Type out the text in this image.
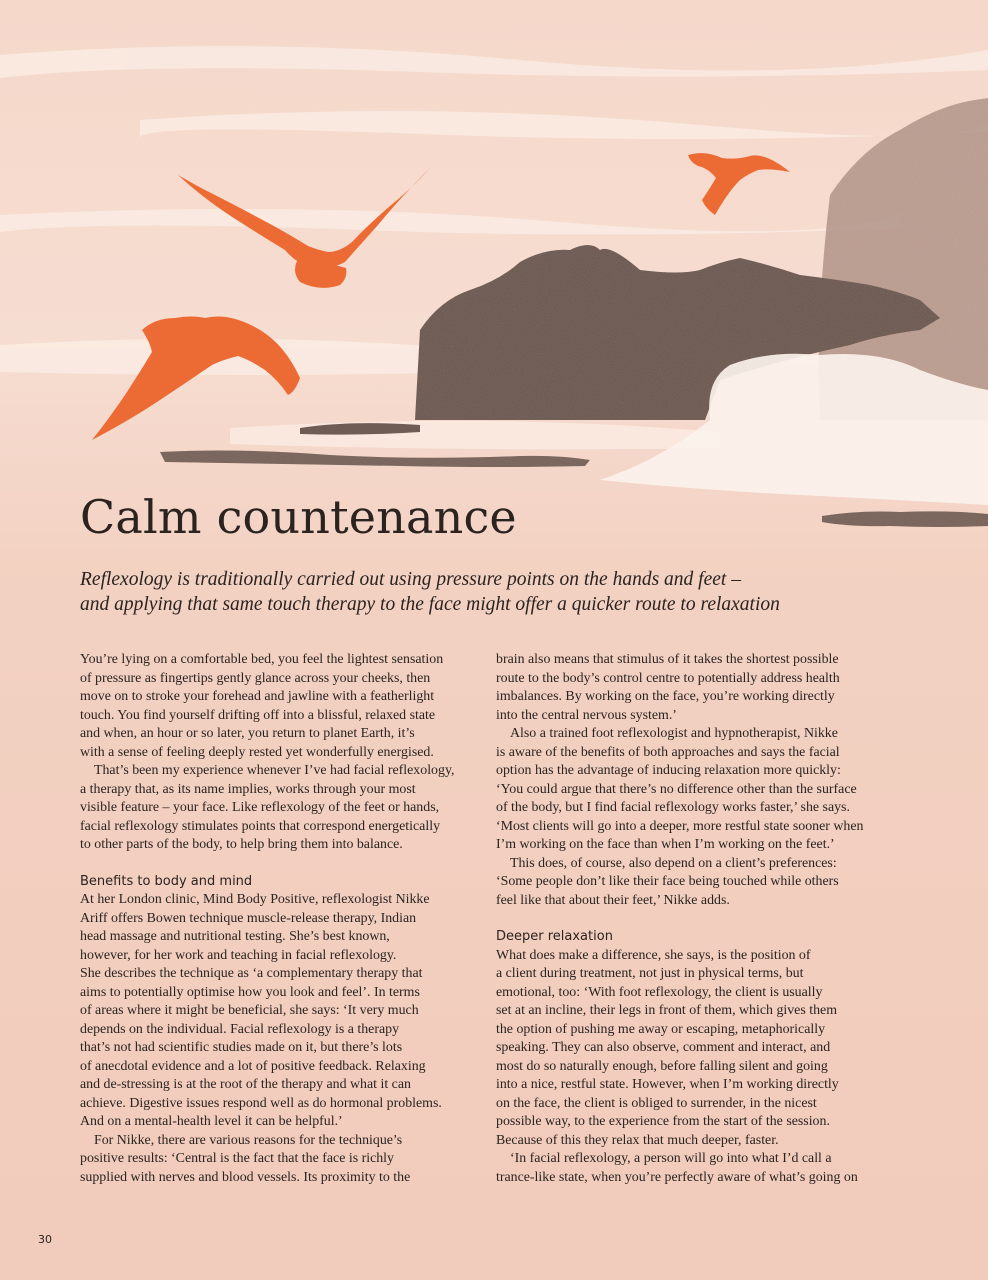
Calm countenance
Reflexology is traditionally carried out using pressure points on the hands and feet –
and applying that same touch therapy to the face might offer a quicker route to relaxation
You’re lying on a comfortable bed, you feel the lightest sensation
of pressure as fingertips gently glance across your cheeks, then
move on to stroke your forehead and jawline with a featherlight
touch. You find yourself drifting off into a blissful, relaxed state
and when, an hour or so later, you return to planet Earth, it’s
with a sense of feeling deeply rested yet wonderfully energised.
That’s been my experience whenever I’ve had facial reflexology,
a therapy that, as its name implies, works through your most
visible feature – your face. Like reflexology of the feet or hands,
facial reflexology stimulates points that correspond energetically
to other parts of the body, to help bring them into balance.
Benefits to body and mind
At her London clinic, Mind Body Positive, reflexologist Nikke
Ariff offers Bowen technique muscle-release therapy, Indian
head massage and nutritional testing. She’s best known,
however, for her work and teaching in facial reflexology.
She describes the technique as ‘a complementary therapy that
aims to potentially optimise how you look and feel’. In terms
of areas where it might be beneficial, she says: ‘It very much
depends on the individual. Facial reflexology is a therapy
that’s not had scientific studies made on it, but there’s lots
of anecdotal evidence and a lot of positive feedback. Relaxing
and de-stressing is at the root of the therapy and what it can
achieve. Digestive issues respond well as do hormonal problems.
And on a mental-health level it can be helpful.’
For Nikke, there are various reasons for the technique’s
positive results: ‘Central is the fact that the face is richly
supplied with nerves and blood vessels. Its proximity to the
brain also means that stimulus of it takes the shortest possible
route to the body’s control centre to potentially address health
imbalances. By working on the face, you’re working directly
into the central nervous system.’
Also a trained foot reflexologist and hypnotherapist, Nikke
is aware of the benefits of both approaches and says the facial
option has the advantage of inducing relaxation more quickly:
‘You could argue that there’s no difference other than the surface
of the body, but I find facial reflexology works faster,’ she says.
‘Most clients will go into a deeper, more restful state sooner when
I’m working on the face than when I’m working on the feet.’
This does, of course, also depend on a client’s preferences:
‘Some people don’t like their face being touched while others
feel like that about their feet,’ Nikke adds.
Deeper relaxation
What does make a difference, she says, is the position of
a client during treatment, not just in physical terms, but
emotional, too: ‘With foot reflexology, the client is usually
set at an incline, their legs in front of them, which gives them
the option of pushing me away or escaping, metaphorically
speaking. They can also observe, comment and interact, and
most do so naturally enough, before falling silent and going
into a nice, restful state. However, when I’m working directly
on the face, the client is obliged to surrender, in the nicest
possible way, to the experience from the start of the session.
Because of this they relax that much deeper, faster.
‘In facial reflexology, a person will go into what I’d call a
trance-like state, when you’re perfectly aware of what’s going on
30
